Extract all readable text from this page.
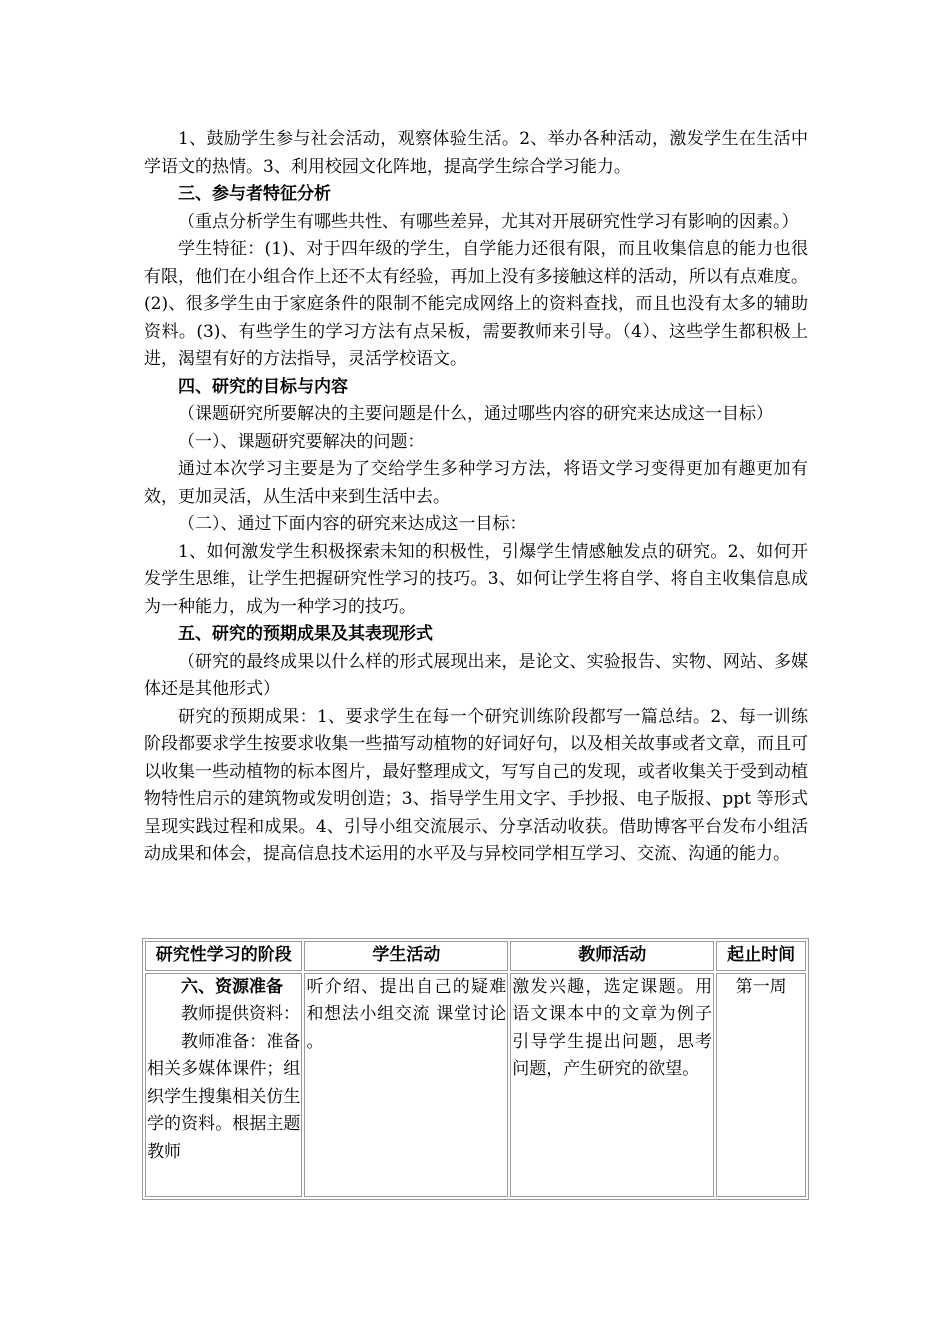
1、鼓励学生参与社会活动，观察体验生活。2、举办各种活动，激发学生在生活中学语文的热情。3、利用校园文化阵地，提高学生综合学习能力。

三、参与者特征分析

（重点分析学生有哪些共性、有哪些差异，尤其对开展研究性学习有影响的因素。）

学生特征：(1)、对于四年级的学生，自学能力还很有限，而且收集信息的能力也很有限，他们在小组合作上还不太有经验，再加上没有多接触这样的活动，所以有点难度。(2)、很多学生由于家庭条件的限制不能完成网络上的资料查找，而且也没有太多的辅助资料。(3)、有些学生的学习方法有点呆板，需要教师来引导。（4）、这些学生都积极上进，渴望有好的方法指导，灵活学校语文。

四、研究的目标与内容

（课题研究所要解决的主要问题是什么，通过哪些内容的研究来达成这一目标）

（一）、课题研究要解决的问题：

通过本次学习主要是为了交给学生多种学习方法，将语文学习变得更加有趣更加有效，更加灵活，从生活中来到生活中去。

（二）、通过下面内容的研究来达成这一目标：

1、如何激发学生积极探索未知的积极性，引爆学生情感触发点的研究。2、如何开发学生思维，让学生把握研究性学习的技巧。3、如何让学生将自学、将自主收集信息成为一种能力，成为一种学习的技巧。

五、研究的预期成果及其表现形式

（研究的最终成果以什么样的形式展现出来，是论文、实验报告、实物、网站、多媒体还是其他形式）

研究的预期成果：1、要求学生在每一个研究训练阶段都写一篇总结。2、每一训练阶段都要求学生按要求收集一些描写动植物的好词好句，以及相关故事或者文章，而且可以收集一些动植物的标本图片，最好整理成文，写写自己的发现，或者收集关于受到动植物特性启示的建筑物或发明创造；3、指导学生用文字、手抄报、电子版报、ppt 等形式呈现实践过程和成果。4、引导小组交流展示、分享活动收获。借助博客平台发布小组活动成果和体会，提高信息技术运用的水平及与异校同学相互学习、交流、沟通的能力。

研究性学习的阶段	学生活动	教师活动	起止时间

六、资源准备

教师提供资料：

教师准备：准备相关多媒体课件；组织学生搜集相关仿生学的资料。根据主题教师	听介绍、提出自己的疑难和想法小组交流 课堂讨论 。	激发兴趣，选定课题。用语文课本中的文章为例子引导学生提出问题，思考问题，产生研究的欲望。	第一周
